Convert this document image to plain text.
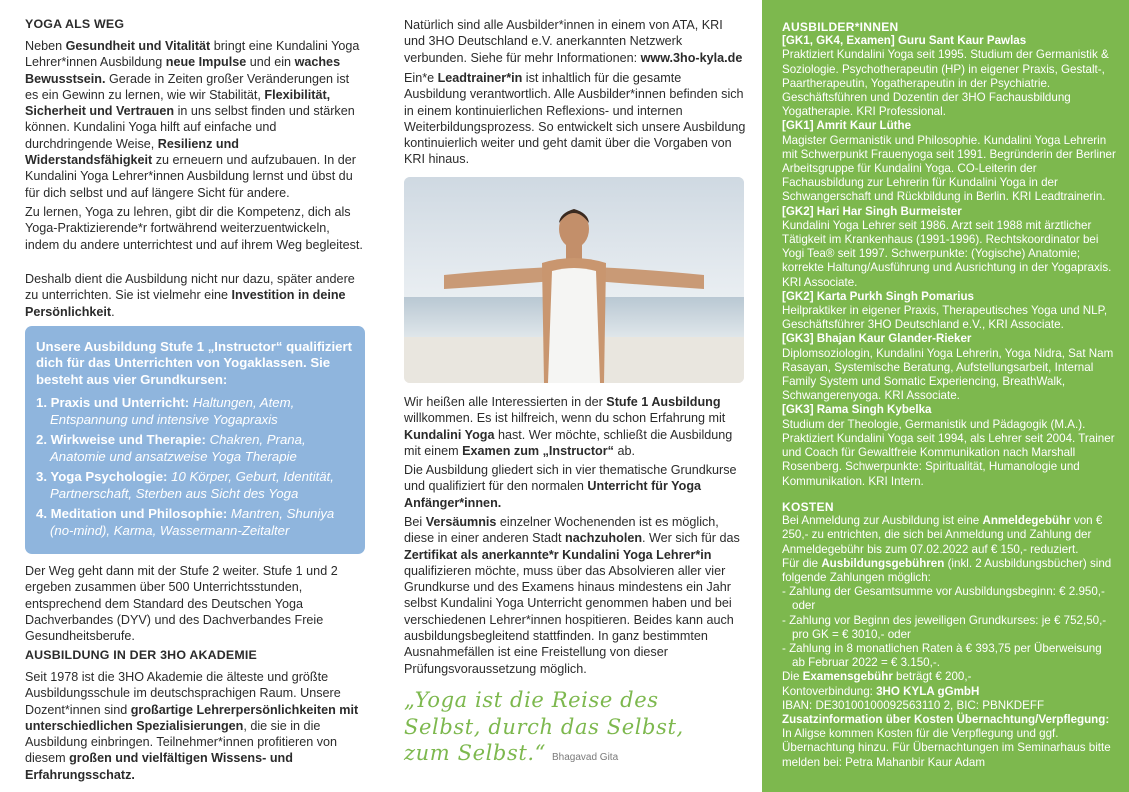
YOGA ALS WEG

Neben Gesundheit und Vitalität bringt eine Kundalini Yoga Lehrer*innen Ausbildung neue Impulse und ein waches Bewusstsein. Gerade in Zeiten großer Veränderungen ist es ein Gewinn zu lernen, wie wir Stabilität, Flexibilität, Sicherheit und Vertrauen in uns selbst finden und stärken können. Kundalini Yoga hilft auf einfache und durchdringende Weise, Resilienz und Widerstandsfähigkeit zu erneuern und aufzubauen. In der Kundalini Yoga Lehrer*innen Ausbildung lernst und übst du für dich selbst und auf längere Sicht für andere.

Zu lernen, Yoga zu lehren, gibt dir die Kompetenz, dich als Yoga-Praktizierende*r fortwährend weiterzuentwickeln, indem du andere unterrichtest und auf ihrem Weg begleitest.

Deshalb dient die Ausbildung nicht nur dazu, später andere zu unterrichten. Sie ist vielmehr eine Investition in deine Persönlichkeit.

Unsere Ausbildung Stufe 1 „Instructor“ qualifiziert dich für das Unterrichten von Yogaklassen. Sie besteht aus vier Grundkursen:
1. Praxis und Unterricht: Haltungen, Atem, Entspannung und intensive Yogapraxis
2. Wirkweise und Therapie: Chakren, Prana, Anatomie und ansatzweise Yoga Therapie
3. Yoga Psychologie: 10 Körper, Geburt, Identität, Partnerschaft, Sterben aus Sicht des Yoga
4. Meditation und Philosophie: Mantren, Shuniya (no-mind), Karma, Wassermann-Zeitalter

Der Weg geht dann mit der Stufe 2 weiter. Stufe 1 und 2 ergeben zusammen über 500 Unterrichtsstunden, entsprechend dem Standard des Deutschen Yoga Dachverbandes (DYV) und des Dachverbandes Freie Gesundheitsberufe.

AUSBILDUNG IN DER 3HO AKADEMIE

Seit 1978 ist die 3HO Akademie die älteste und größte Ausbildungsschule im deutschsprachigen Raum. Unsere Dozent*innen sind großartige Lehrerpersönlichkeiten mit unterschiedlichen Spezialisierungen, die sie in die Ausbildung einbringen. Teilnehmer*innen profitieren von diesem großen und vielfältigen Wissens- und Erfahrungsschatz.

Natürlich sind alle Ausbilder*innen in einem von ATA, KRI und 3HO Deutschland e.V. anerkannten Netzwerk verbunden. Siehe für mehr Informationen: www.3ho-kyla.de

Ein*e Leadtrainer*in ist inhaltlich für die gesamte Ausbildung verantwortlich. Alle Ausbilder*innen befinden sich in einem kontinuierlichen Reflexions- und internen Weiterbildungsprozess. So entwickelt sich unsere Ausbildung kontinuierlich weiter und geht damit über die Vorgaben von KRI hinaus.

Wir heißen alle Interessierten in der Stufe 1 Ausbildung willkommen. Es ist hilfreich, wenn du schon Erfahrung mit Kundalini Yoga hast. Wer möchte, schließt die Ausbildung mit einem Examen zum „Instructor“ ab.

Die Ausbildung gliedert sich in vier thematische Grundkurse und qualifiziert für den normalen Unterricht für Yoga Anfänger*innen.

Bei Versäumnis einzelner Wochenenden ist es möglich, diese in einer anderen Stadt nachzuholen. Wer sich für das Zertifikat als anerkannte*r Kundalini Yoga Lehrer*in qualifizieren möchte, muss über das Absolvieren aller vier Grundkurse und des Examens hinaus mindestens ein Jahr selbst Kundalini Yoga Unterricht genommen haben und bei verschiedenen Lehrer*innen hospitieren. Beides kann auch ausbildungsbegleitend stattfinden. In ganz bestimmten Ausnahmefällen ist eine Freistellung von dieser Prüfungsvoraussetzung möglich.

„Yoga ist die Reise des Selbst, durch das Selbst, zum Selbst.“ Bhagavad Gita
AUSBILDER*INNEN
[GK1, GK4, Examen] Guru Sant Kaur Pawlas
Praktiziert Kundalini Yoga seit 1995. Studium der Germanistik & Soziologie. Psychotherapeutin (HP) in eigener Praxis, Gestalt-, Paartherapeutin, Yogatherapeutin in der Psychiatrie. Geschäftsführen und Dozentin der 3HO Fachausbildung Yogatherapie. KRI Professional.
[GK1] Amrit Kaur Lüthe
Magister Germanistik und Philosophie. Kundalini Yoga Lehrerin mit Schwerpunkt Frauenyoga seit 1991. Begründerin der Berliner Arbeitsgruppe für Kundalini Yoga. CO-Leiterin der Fachausbildung zur Lehrerin für Kundalini Yoga in der Schwangerschaft und Rückbildung in Berlin. KRI Leadtrainerin.
[GK2] Hari Har Singh Burmeister
Kundalini Yoga Lehrer seit 1986. Arzt seit 1988 mit ärztlicher Tätigkeit im Krankenhaus (1991-1996). Rechtskoordinator bei Yogi Tea® seit 1997. Schwerpunkte: (Yogische) Anatomie; korrekte Haltung/Ausführung und Ausrichtung in der Yogapraxis. KRI Associate.
[GK2] Karta Purkh Singh Pomarius
Heilpraktiker in eigener Praxis, Therapeutisches Yoga und NLP, Geschäftsführer 3HO Deutschland e.V., KRI Associate.
[GK3] Bhajan Kaur Glander-Rieker
Diplomsoziologin, Kundalini Yoga Lehrerin, Yoga Nidra, Sat Nam Rasayan, Systemische Beratung, Aufstellungsarbeit, Internal Family System und Somatic Experiencing, BreathWalk, Schwangerenyoga. KRI Associate.
[GK3] Rama Singh Kybelka
Studium der Theologie, Germanistik und Pädagogik (M.A.). Praktiziert Kundalini Yoga seit 1994, als Lehrer seit 2004. Trainer und Coach für Gewaltfreie Kommunikation nach Marshall Rosenberg. Schwerpunkte: Spiritualität, Humanologie und Kommunikation. KRI Intern.
KOSTEN
Bei Anmeldung zur Ausbildung ist eine Anmeldegebühr von € 250,- zu entrichten, die sich bei Anmeldung und Zahlung der Anmeldegebühr bis zum 07.02.2022 auf € 150,- reduziert.
Für die Ausbildungsgebühren (inkl. 2 Ausbildungsbücher) sind folgende Zahlungen möglich:
- Zahlung der Gesamtsumme vor Ausbildungsbeginn: € 2.950,- oder
- Zahlung vor Beginn des jeweiligen Grundkurses: je € 752,50,- pro GK = € 3010,- oder
- Zahlung in 8 monatlichen Raten à € 393,75 per Überweisung ab Februar 2022 = € 3.150,-.
Die Examensgebühr beträgt € 200,-
Kontoverbindung: 3HO KYLA gGmbH
IBAN: DE30100100092563110 2, BIC: PBNKDEFF
Zusatzinformation über Kosten Übernachtung/Verpflegung: In Aligse kommen Kosten für die Verpflegung und ggf. Übernachtung hinzu. Für Übernachtungen im Seminarhaus bitte melden bei: Petra Mahanbir Kaur Adam
